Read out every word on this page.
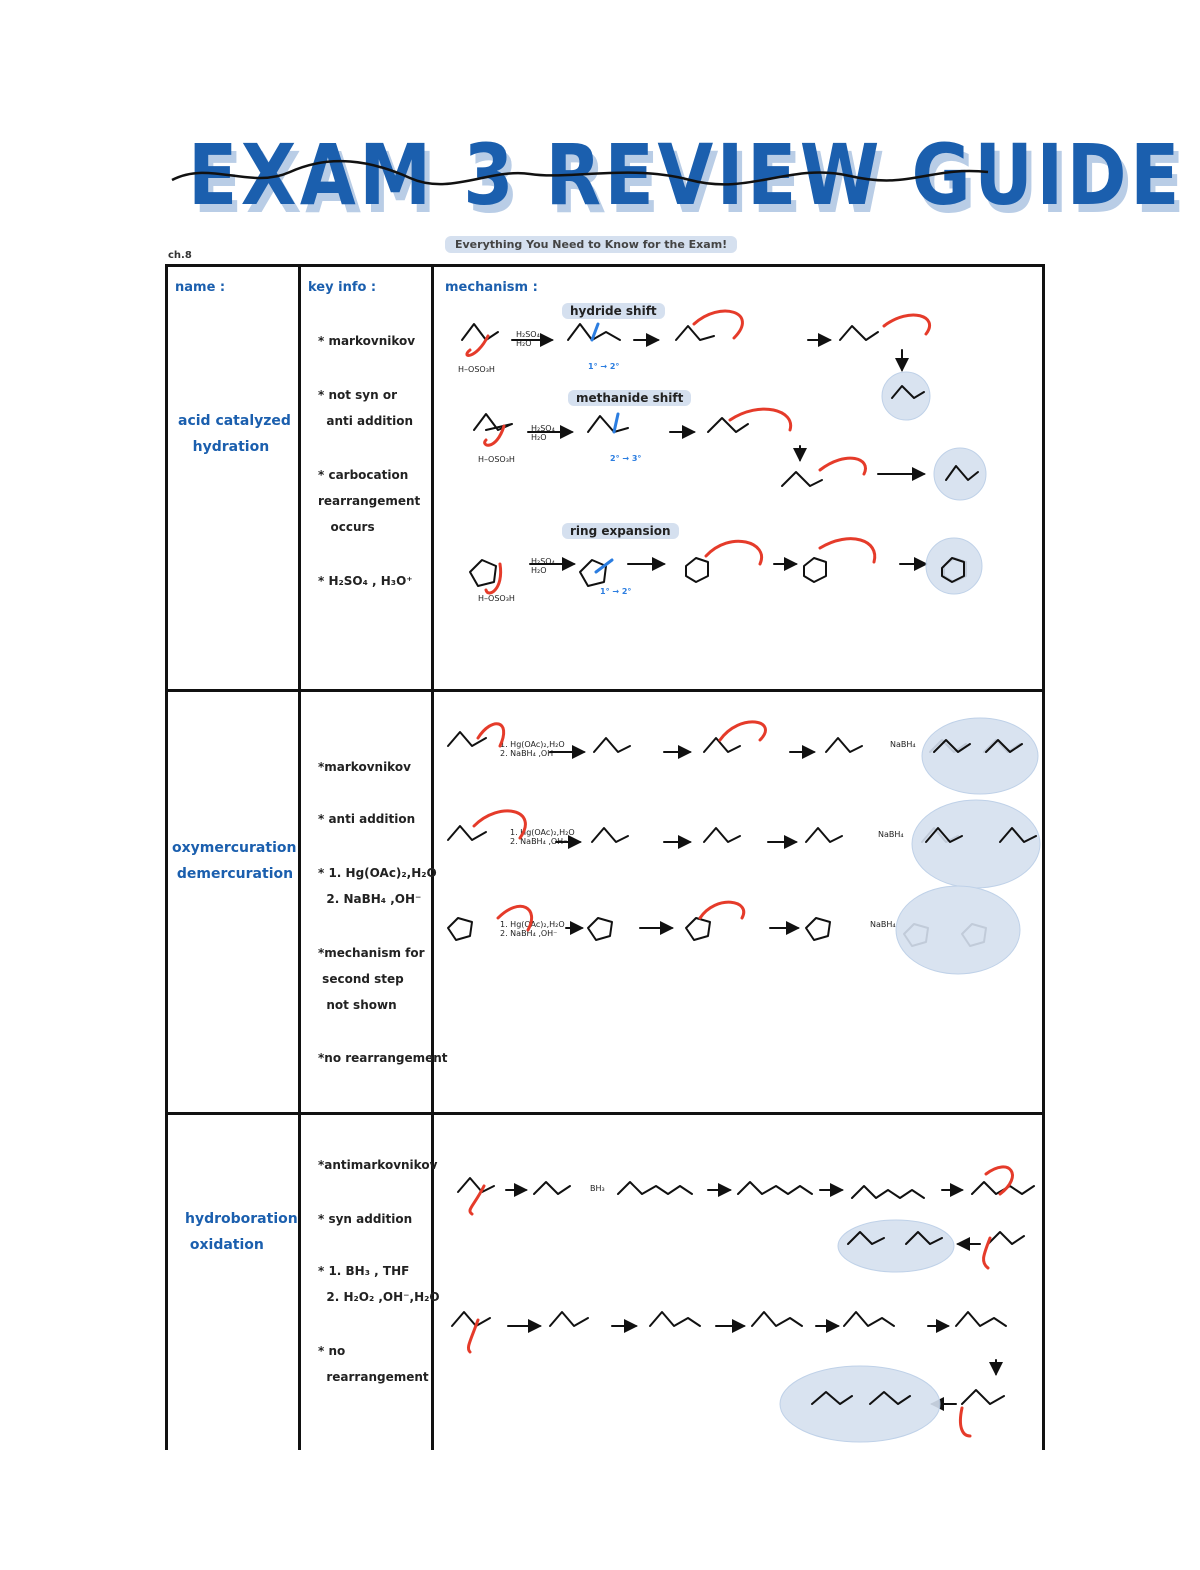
EXAM 3 REVIEW GUIDE
ch.8
Everything You Need to Know for the Exam!
name :	key info :	mechanism :
acid catalyzed
hydration
* markovnikov
* not syn or
anti addition
* carbocation
rearrangement
occurs
* H₂SO₄ , H₃O⁺
hydride shift
methanide shift
ring expansion
oxymercuration
demercuration
*markovnikov
* anti addition
* 1. Hg(OAc)₂,H₂O
2. NaBH₄ ,OH⁻
*mechanism for
second step
not shown
*no rearrangement
hydroboration
oxidation
*antimarkovnikov
* syn addition
* 1. BH₃ , THF
2. H₂O₂ ,OH⁻,H₂O
* no
rearrangement
H₂SO₄
H₂O
H₂SO₄
H₂O
H₂SO₄
H₂O
1. Hg(OAc)₂,H₂O
2. NaBH₄ ,OH⁻
1. Hg(OAc)₂,H₂O
2. NaBH₄ ,OH⁻
1. Hg(OAc)₂,H₂O
2. NaBH₄ ,OH⁻
NaBH₄
NaBH₄
NaBH₄
BH₃
1° → 2°
2° → 3°
1° → 2°
H–OSO₃H
H–OSO₃H
H–OSO₃H
